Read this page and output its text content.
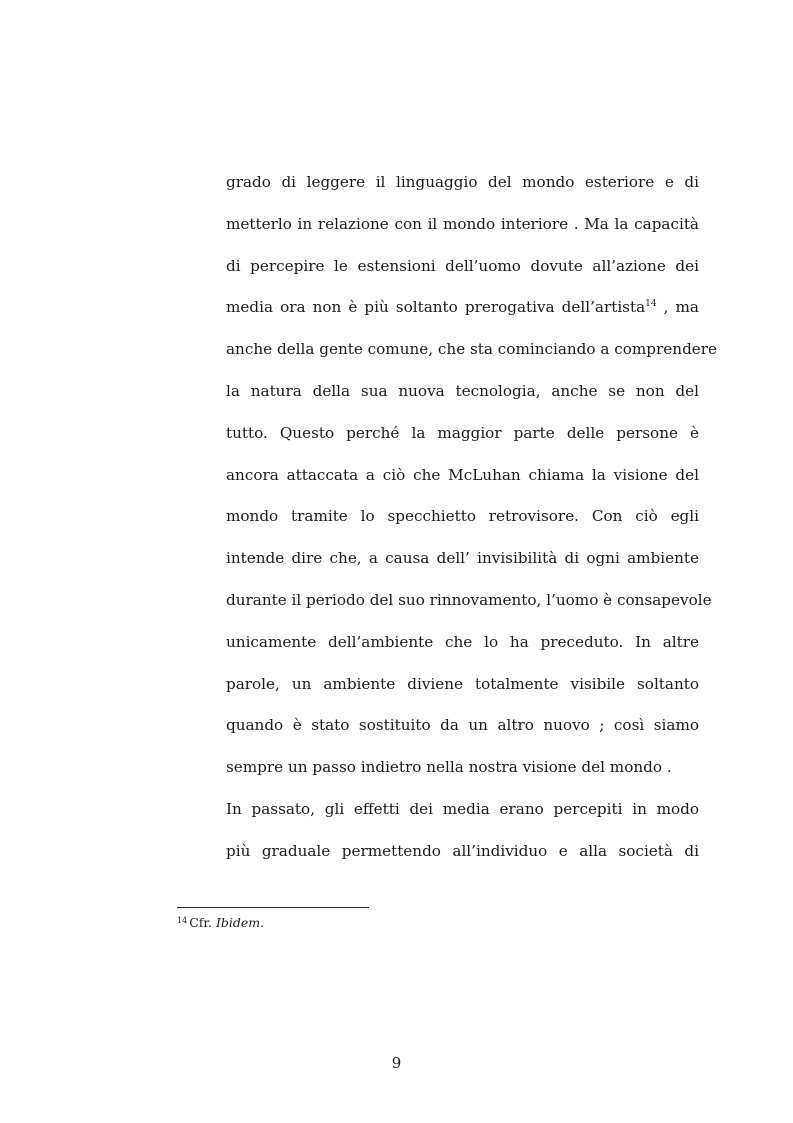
grado di leggere il linguaggio del mondo esteriore e di
metterlo in relazione con il mondo interiore . Ma la capacità
di percepire le estensioni dell’uomo dovute all’azione dei
media ora non è più soltanto prerogativa dell’artista$^{14}$ , ma
anche della gente comune, che sta cominciando a comprendere
la natura della sua nuova tecnologia, anche se non del
tutto. Questo perché la maggior parte delle persone è
ancora attaccata a ciò che McLuhan chiama la visione del
mondo tramite lo specchietto retrovisore. Con ciò egli
intende dire che, a causa dell’ invisibilità di ogni ambiente
durante il periodo del suo rinnovamento, l’uomo è consapevole
unicamente dell’ambiente che lo ha preceduto. In altre
parole, un ambiente diviene totalmente visibile soltanto
quando è stato sostituito da un altro nuovo ; così siamo
sempre un passo indietro nella nostra visione del mondo .
In passato, gli effetti dei media erano percepiti in modo
più graduale permettendo all’individuo e alla società di
$^{14}$ Cfr. Ibidem.
9
